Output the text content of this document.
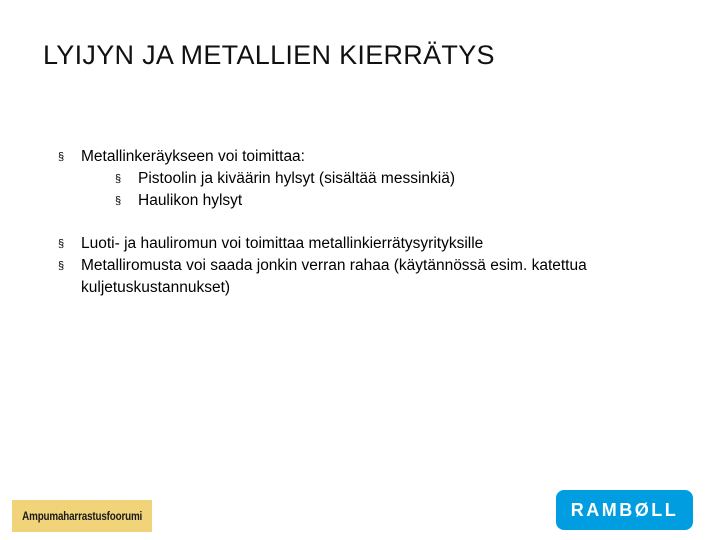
LYIJYN JA METALLIEN KIERRÄTYS
§ Metallinkeräykseen voi toimittaa:
§ Pistoolin ja kiväärin hylsyt (sisältää messinkiä)
§ Haulikon hylsyt
§ Luoti- ja hauliromun voi toimittaa metallinkierrätysyrityksille
§ Metalliromusta voi saada jonkin verran rahaa (käytännössä esim. katettua kuljetuskustannukset)
Ampumaharrastusfoorumi	RAMBØLL
